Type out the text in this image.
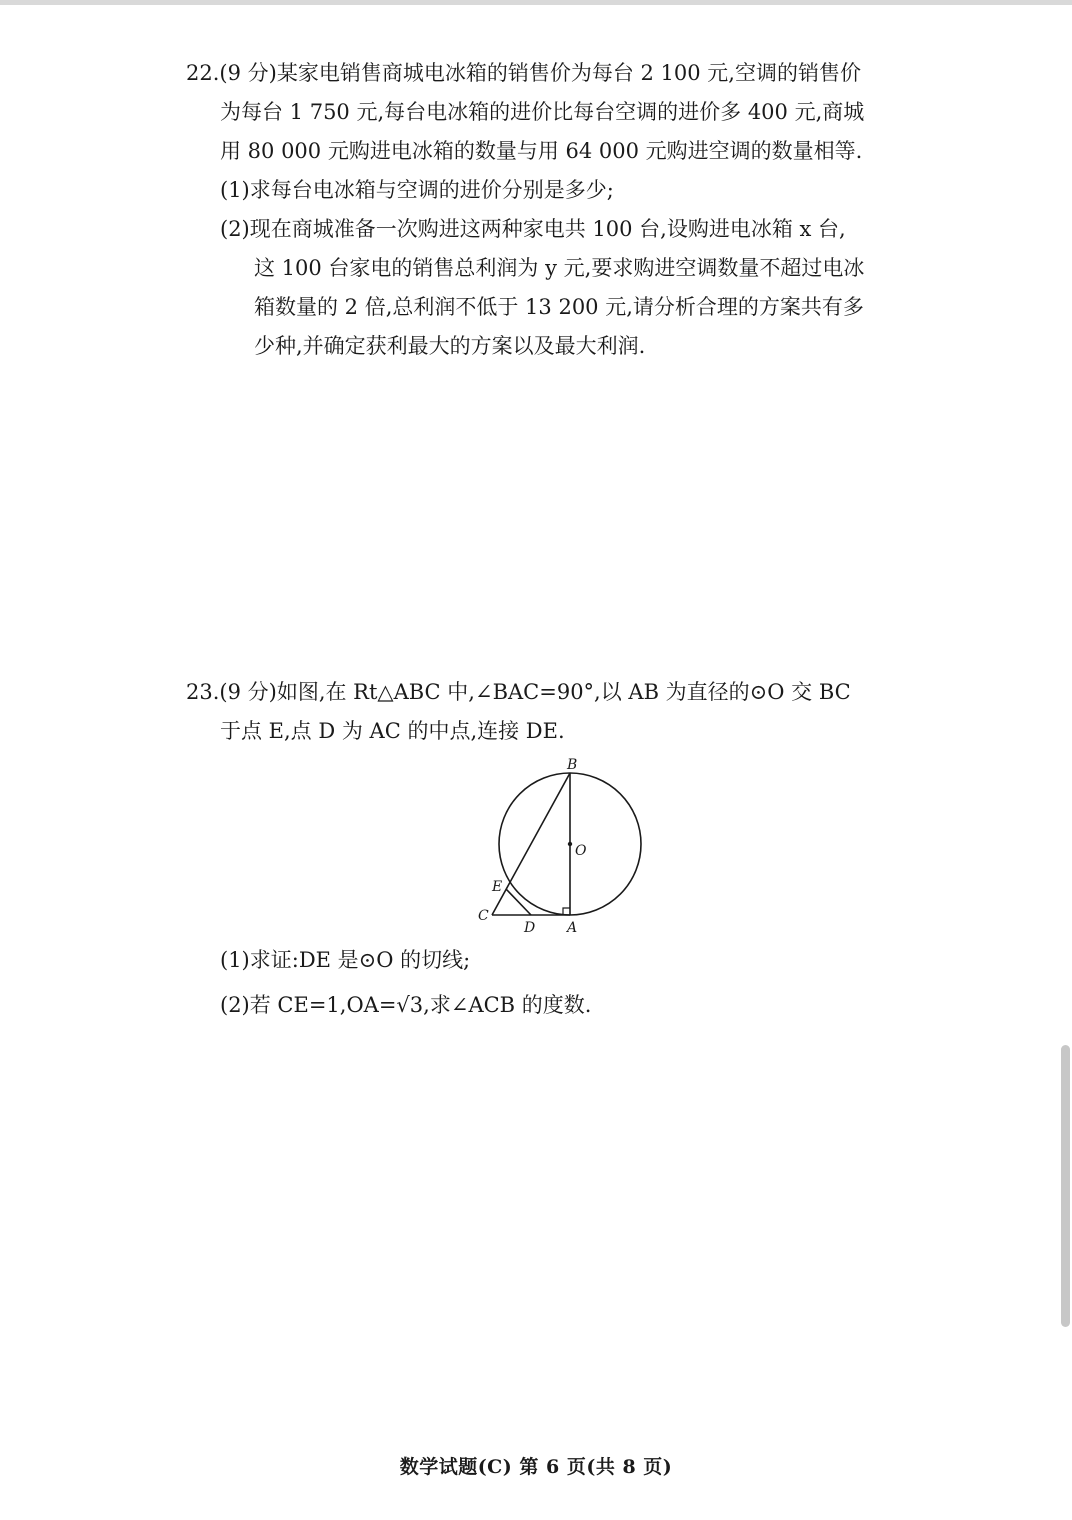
22.(9 分)某家电销售商城电冰箱的销售价为每台 2 100 元,空调的销售价
为每台 1 750 元,每台电冰箱的进价比每台空调的进价多 400 元,商城
用 80 000 元购进电冰箱的数量与用 64 000 元购进空调的数量相等.
(1)求每台电冰箱与空调的进价分别是多少;
(2)现在商城准备一次购进这两种家电共 100 台,设购进电冰箱 x 台,
这 100 台家电的销售总利润为 y 元,要求购进空调数量不超过电冰
箱数量的 2 倍,总利润不低于 13 200 元,请分析合理的方案共有多
少种,并确定获利最大的方案以及最大利润.
23.(9 分)如图,在 Rt△ABC 中,∠BAC=90°,以 AB 为直径的⊙O 交 BC
于点 E,点 D 为 AC 的中点,连接 DE.
B
O
E
C
D A
(1)求证:DE 是⊙O 的切线;
(2)若 CE=1,OA=√3,求∠ACB 的度数.
数学试题(C) 第 6 页(共 8 页)
